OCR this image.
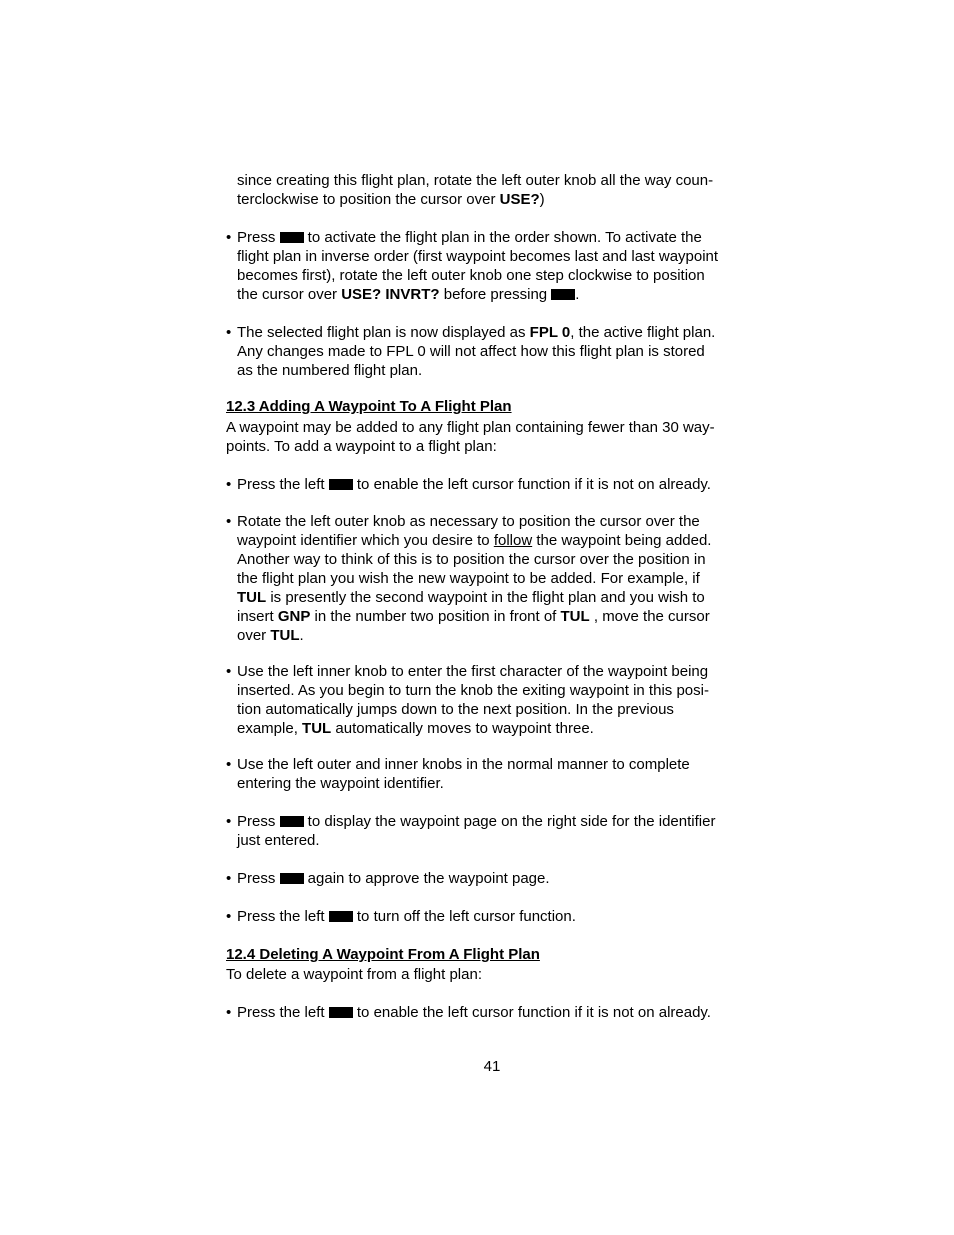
since creating this flight plan, rotate the left outer knob all the way coun-
terclockwise to position the cursor over USE?)
• Press  to activate the flight plan in the order shown. To activate the
flight plan in inverse order (first waypoint becomes last and last waypoint
becomes first), rotate the left outer knob one step clockwise to position
the cursor over USE? INVRT? before pressing .
• The selected flight plan is now displayed as FPL 0, the active flight plan.
Any changes made to FPL 0 will not affect how this flight plan is stored
as the numbered flight plan.
12.3 Adding A Waypoint To A Flight Plan
A waypoint may be added to any flight plan containing fewer than 30 way-
points. To add a waypoint to a flight plan:
• Press the left  to enable the left cursor function if it is not on already.
• Rotate the left outer knob as necessary to position the cursor over the
waypoint identifier which you desire to follow the waypoint being added.
Another way to think of this is to position the cursor over the position in
the flight plan you wish the new waypoint to be added. For example, if
TUL is presently the second waypoint in the flight plan and you wish to
insert GNP in the number two position in front of TUL , move the cursor
over TUL.
• Use the left inner knob to enter the first character of the waypoint being
inserted. As you begin to turn the knob the exiting waypoint in this posi-
tion automatically jumps down to the next position. In the previous
example, TUL automatically moves to waypoint three.
• Use the left outer and inner knobs in the normal manner to complete
entering the waypoint identifier.
• Press  to display the waypoint page on the right side for the identifier
just entered.
• Press  again to approve the waypoint page.
• Press the left  to turn off the left cursor function.
12.4 Deleting A Waypoint From A Flight Plan
To delete a waypoint from a flight plan:
• Press the left  to enable the left cursor function if it is not on already.
41
